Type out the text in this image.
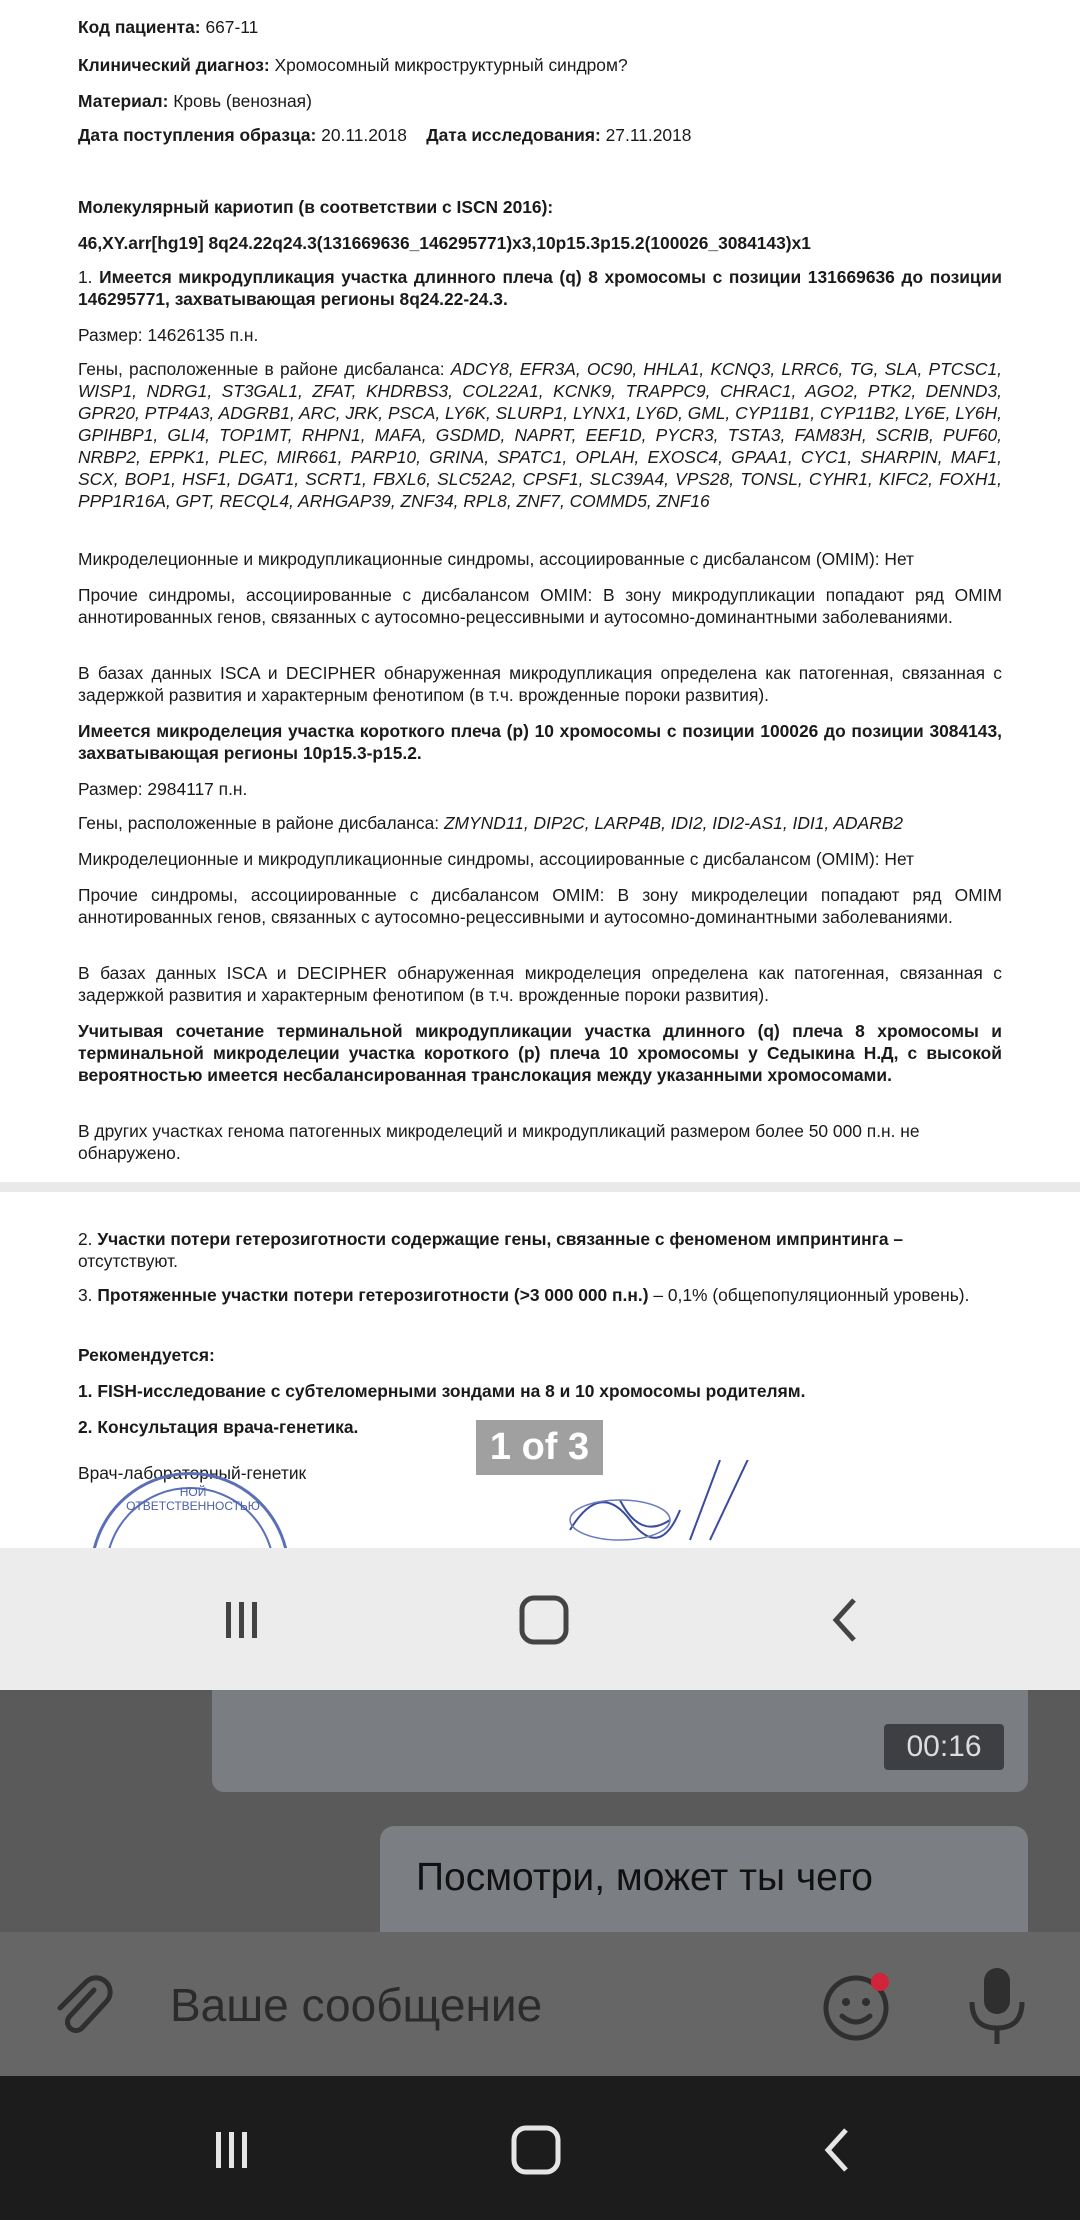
Код пациента: 667-11
Клинический диагноз: Хромосомный микроструктурный синдром?
Материал: Кровь (венозная)
Дата поступления образца: 20.11.2018 Дата исследования: 27.11.2018
Молекулярный кариотип (в соответствии с ISCN 2016):
46,XY.arr[hg19] 8q24.22q24.3(131669636_146295771)x3,10p15.3p15.2(100026_3084143)x1
1. Имеется микродупликация участка длинного плеча (q) 8 хромосомы с позиции 131669636 до позиции 146295771, захватывающая регионы 8q24.22-24.3.
Размер: 14626135 п.н.
Гены, расположенные в районе дисбаланса: ADCY8, EFR3A, OC90, HHLA1, KCNQ3, LRRC6, TG, SLA, PTCSC1, WISP1, NDRG1, ST3GAL1, ZFAT, KHDRBS3, COL22A1, KCNK9, TRAPPC9, CHRAC1, AGO2, PTK2, DENND3, GPR20, PTP4A3, ADGRB1, ARC, JRK, PSCA, LY6K, SLURP1, LYNX1, LY6D, GML, CYP11B1, CYP11B2, LY6E, LY6H, GPIHBP1, GLI4, TOP1MT, RHPN1, MAFA, GSDMD, NAPRT, EEF1D, PYCR3, TSTA3, FAM83H, SCRIB, PUF60, NRBP2, EPPK1, PLEC, MIR661, PARP10, GRINA, SPATC1, OPLAH, EXOSC4, GPAA1, CYC1, SHARPIN, MAF1, SCX, BOP1, HSF1, DGAT1, SCRT1, FBXL6, SLC52A2, CPSF1, SLC39A4, VPS28, TONSL, CYHR1, KIFC2, FOXH1, PPP1R16A, GPT, RECQL4, ARHGAP39, ZNF34, RPL8, ZNF7, COMMD5, ZNF16
Микроделеционные и микродупликационные синдромы, ассоциированные с дисбалансом (OMIM): Нет
Прочие синдромы, ассоциированные с дисбалансом OMIM: В зону микродупликации попадают ряд OMIM аннотированных генов, связанных с аутосомно-рецессивными и аутосомно-доминантными заболеваниями.
В базах данных ISCA и DECIPHER обнаруженная микродупликация определена как патогенная, связанная с задержкой развития и характерным фенотипом (в т.ч. врожденные пороки развития).
Имеется микроделеция участка короткого плеча (p) 10 хромосомы с позиции 100026 до позиции 3084143, захватывающая регионы 10p15.3-p15.2.
Размер: 2984117 п.н.
Гены, расположенные в районе дисбаланса: ZMYND11, DIP2C, LARP4B, IDI2, IDI2-AS1, IDI1, ADARB2
Микроделеционные и микродупликационные синдромы, ассоциированные с дисбалансом (OMIM): Нет
Прочие синдромы, ассоциированные с дисбалансом OMIM: В зону микроделеции попадают ряд OMIM аннотированных генов, связанных с аутосомно-рецессивными и аутосомно-доминантными заболеваниями.
В базах данных ISCA и DECIPHER обнаруженная микроделеция определена как патогенная, связанная с задержкой развития и характерным фенотипом (в т.ч. врожденные пороки развития).
Учитывая сочетание терминальной микродупликации участка длинного (q) плеча 8 хромосомы и терминальной микроделеции участка короткого (p) плеча 10 хромосомы у Седыкина Н.Д, с высокой вероятностью имеется несбалансированная транслокация между указанными хромосомами.
В других участках генома патогенных микроделеций и микродупликаций размером более 50 000 п.н. не обнаружено.
2. Участки потери гетерозиготности содержащие гены, связанные с феноменом импринтинга –
отсутствуют.
3. Протяженные участки потери гетерозиготности (>3 000 000 п.н.) – 0,1% (общепопуляционный уровень).
Рекомендуется:
1. FISH-исследование с субтеломерными зондами на 8 и 10 хромосомы родителям.
2. Консультация врача-генетика.
Врач-лабораторный-генетик
НОЙ ОТВЕТСТВЕННОСТЬЮ
1 of 3
00:16
Посмотри, может ты чего
Ваше сообщение
